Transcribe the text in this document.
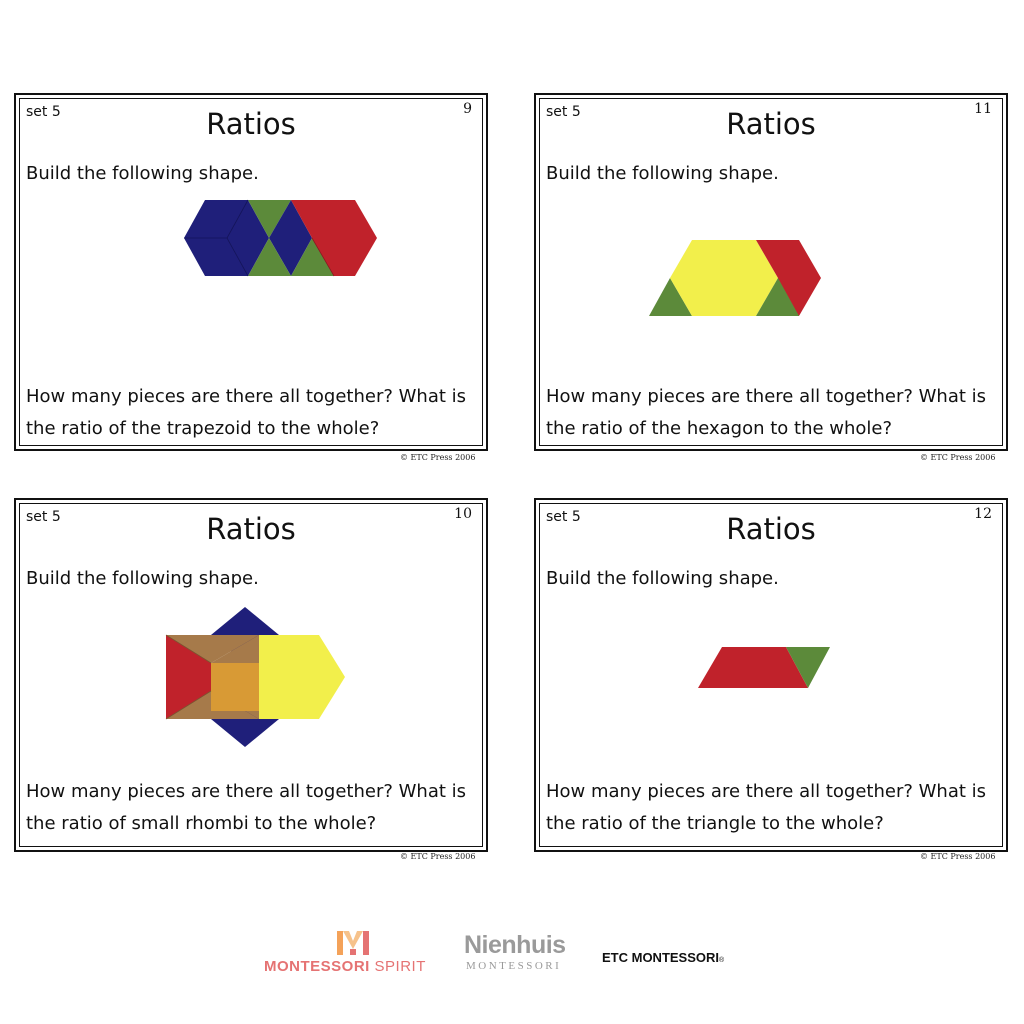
set 5	9
Ratios
Build the following shape.
How many pieces are there all together? What is
the ratio of the trapezoid to the whole?
© ETC Press 2006
set 5	11
Ratios
Build the following shape.
How many pieces are there all together? What is
the ratio of the hexagon to the whole?
© ETC Press 2006
set 5	10
Ratios
Build the following shape.
How many pieces are there all together? What is
the ratio of small rhombi to the whole?
© ETC Press 2006
set 5	12
Ratios
Build the following shape.
How many pieces are there all together? What is
the ratio of the triangle to the whole?
© ETC Press 2006
MONTESSORI SPIRIT
Nienhuis
MONTESSORI
ETC MONTESSORI®
